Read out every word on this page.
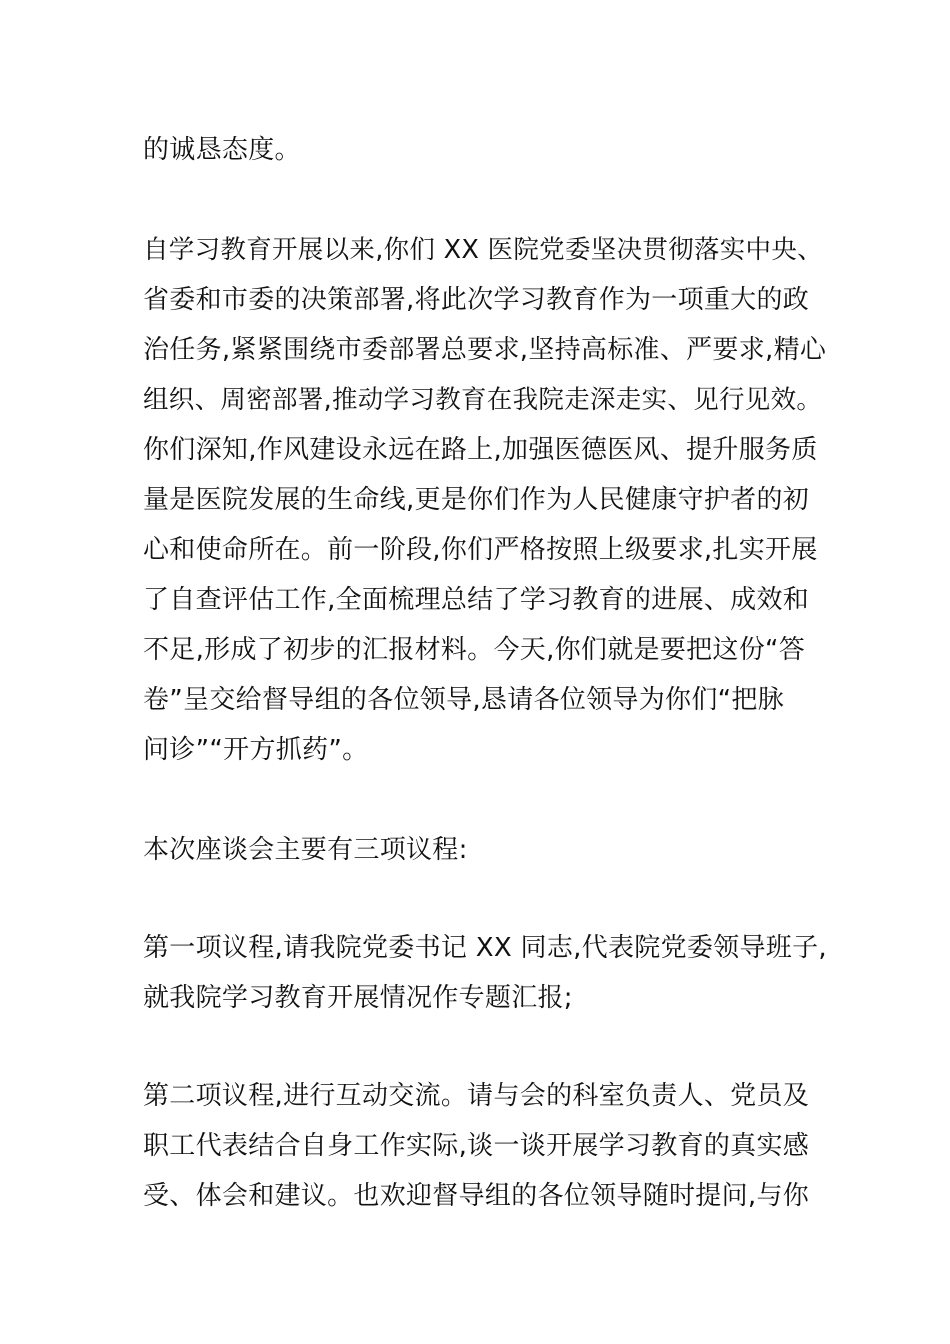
的诚恳态度。
自学习教育开展以来,你们 XX 医院党委坚决贯彻落实中央、
省委和市委的决策部署,将此次学习教育作为一项重大的政
治任务,紧紧围绕市委部署总要求,坚持高标准、严要求,精心
组织、周密部署,推动学习教育在我院走深走实、见行见效。
你们深知,作风建设永远在路上,加强医德医风、提升服务质
量是医院发展的生命线,更是你们作为人民健康守护者的初
心和使命所在。前一阶段,你们严格按照上级要求,扎实开展
了自查评估工作,全面梳理总结了学习教育的进展、成效和
不足,形成了初步的汇报材料。今天,你们就是要把这份“答
卷”呈交给督导组的各位领导,恳请各位领导为你们“把脉
问诊”“开方抓药”。
本次座谈会主要有三项议程:
第一项议程,请我院党委书记 XX 同志,代表院党委领导班子,
就我院学习教育开展情况作专题汇报;
第二项议程,进行互动交流。请与会的科室负责人、党员及
职工代表结合自身工作实际,谈一谈开展学习教育的真实感
受、体会和建议。也欢迎督导组的各位领导随时提问,与你
